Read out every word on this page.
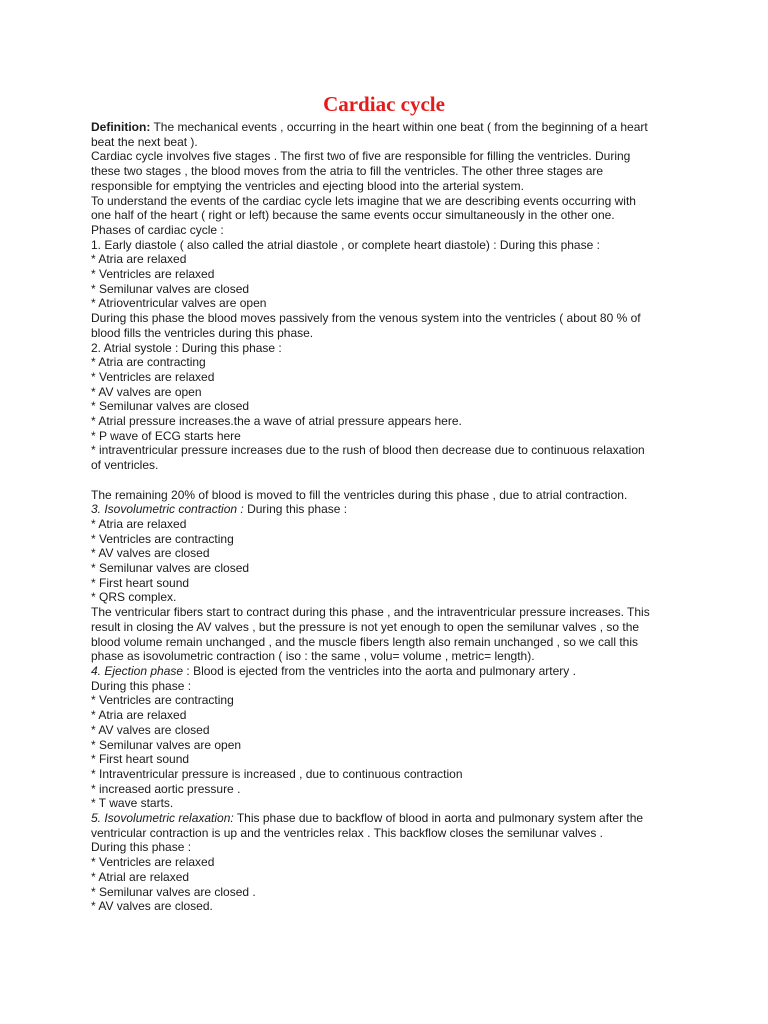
Cardiac cycle
Definition: The mechanical events , occurring in the heart within one beat ( from the beginning of a heart
beat the next beat ).
Cardiac cycle involves five stages . The first two of five are responsible for filling the ventricles. During
these two stages , the blood moves from the atria to fill the ventricles. The other three stages are
responsible for emptying the ventricles and ejecting blood into the arterial system.
To understand the events of the cardiac cycle lets imagine that we are describing events occurring with
one half of the heart ( right or left) because the same events occur simultaneously in the other one.
Phases of cardiac cycle :
1. Early diastole ( also called the atrial diastole , or complete heart diastole) : During this phase :
* Atria are relaxed
* Ventricles are relaxed
* Semilunar valves are closed
* Atrioventricular valves are open
During this phase the blood moves passively from the venous system into the ventricles ( about 80 % of
blood fills the ventricles during this phase.
2. Atrial systole : During this phase :
* Atria are contracting
* Ventricles are relaxed
* AV valves are open
* Semilunar valves are closed
* Atrial pressure increases.the a wave of atrial pressure appears here.
* P wave of ECG starts here
* intraventricular pressure increases due to the rush of blood then decrease due to continuous relaxation
of ventricles.
The remaining 20% of blood is moved to fill the ventricles during this phase , due to atrial contraction.
3. Isovolumetric contraction : During this phase :
* Atria are relaxed
* Ventricles are contracting
* AV valves are closed
* Semilunar valves are closed
* First heart sound
* QRS complex.
The ventricular fibers start to contract during this phase , and the intraventricular pressure increases. This
result in closing the AV valves , but the pressure is not yet enough to open the semilunar valves , so the
blood volume remain unchanged , and the muscle fibers length also remain unchanged , so we call this
phase as isovolumetric contraction ( iso : the same , volu= volume , metric= length).
4. Ejection phase : Blood is ejected from the ventricles into the aorta and pulmonary artery .
During this phase :
* Ventricles are contracting
* Atria are relaxed
* AV valves are closed
* Semilunar valves are open
* First heart sound
* Intraventricular pressure is increased , due to continuous contraction
* increased aortic pressure .
* T wave starts.
5. Isovolumetric relaxation: This phase due to backflow of blood in aorta and pulmonary system after the
ventricular contraction is up and the ventricles relax . This backflow closes the semilunar valves .
During this phase :
* Ventricles are relaxed
* Atrial are relaxed
* Semilunar valves are closed .
* AV valves are closed.
